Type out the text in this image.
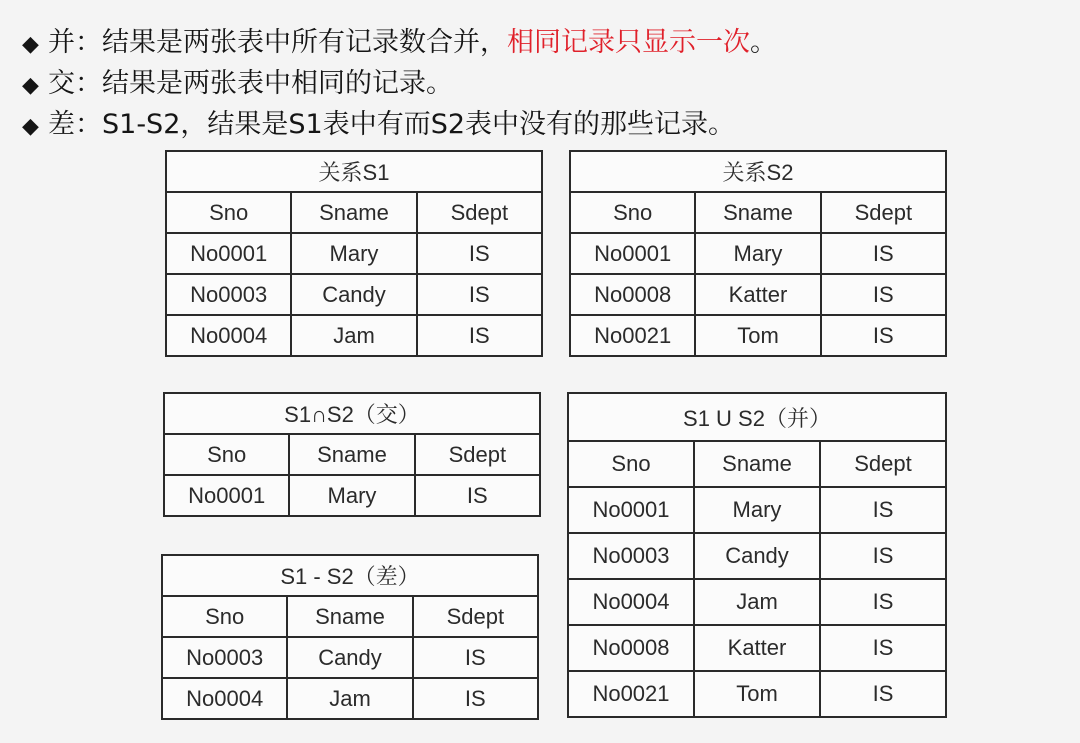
◆ 并：结果是两张表中所有记录数合并，相同记录只显示一次。
◆ 交：结果是两张表中相同的记录。
◆ 差：S1-S2，结果是S1表中有而S2表中没有的那些记录。
关系S1		
Sno	Sname	Sdept
No0001	Mary	IS
No0003	Candy	IS
No0004	Jam	IS
关系S2		
Sno	Sname	Sdept
No0001	Mary	IS
No0008	Katter	IS
No0021	Tom	IS
S1∩S2（交）		
Sno	Sname	Sdept
No0001	Mary	IS
S1 - S2（差）		
Sno	Sname	Sdept
No0003	Candy	IS
No0004	Jam	IS
S1 U S2（并）		
Sno	Sname	Sdept
No0001	Mary	IS
No0003	Candy	IS
No0004	Jam	IS
No0008	Katter	IS
No0021	Tom	IS
